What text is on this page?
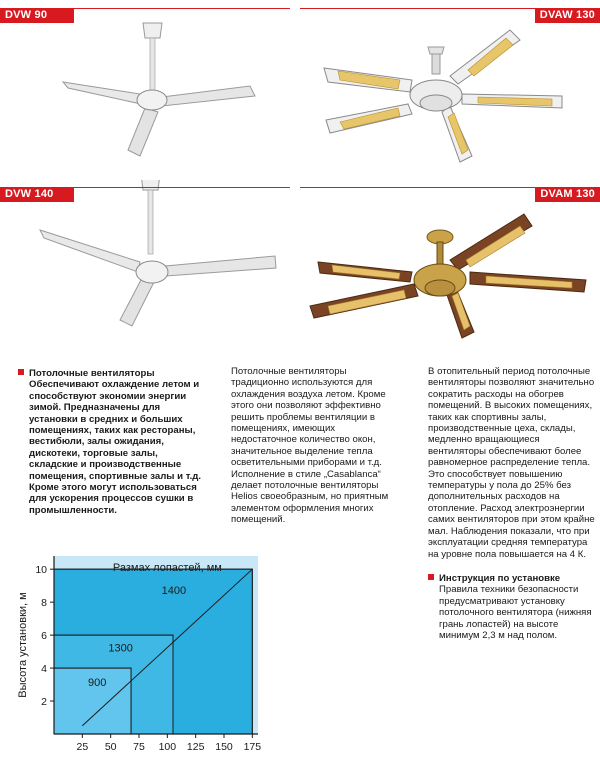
DVW 90	DVAW 130
DVW 140	DVAM 130

Потолочные вентиляторы

Обеспечивают охлаждение летом и способствуют экономии энергии зимой. Предназначены для установки в средних и больших помещениях, таких как рестораны, вестибюли, залы ожидания, дискотеки, торговые залы, складские и производственные помещения, спортивные залы и т.д. Кроме этого могут использоваться для ускорения процессов сушки в промышленности.

Потолочные вентиляторы традиционно используются для охлаждения воздуха летом. Кроме этого они позволяют эффективно решить проблемы вентиляции в помещениях, имеющих недостаточное количество окон, значительное выделение тепла осветительными приборами и т.д. Исполнение в стиле „Casablanca“ делает потолочные вентиляторы Helios своеобразным, но приятным элементом оформления многих помещений.

В отопительный период потолочные вентиляторы позволяют значительно сократить расходы на обогрев помещений. В высоких помещениях, таких как спортивны залы, производственные цеха, склады, медленно вращающиеся вентиляторы обеспечивают более равномерное распределение тепла. Это способствует повышению температуры у пола до 25% без дополнительных расходов на отопление. Расход электроэнергии самих вентиляторов при этом крайне мал. Наблюдения показали, что при эксплуатации средняя температура на уровне пола повышается на 4 К.

Инструкция по установке

Правила техники безопасности предусматривают установку потолочного вентилятора (нижняя грань лопастей) на высоте минимум 2,3 м над полом.

1400
1300
900
25 50 75 100 125 150 175
2
4
6
8
10	Размах лопастей, мм
Высота установки, м
